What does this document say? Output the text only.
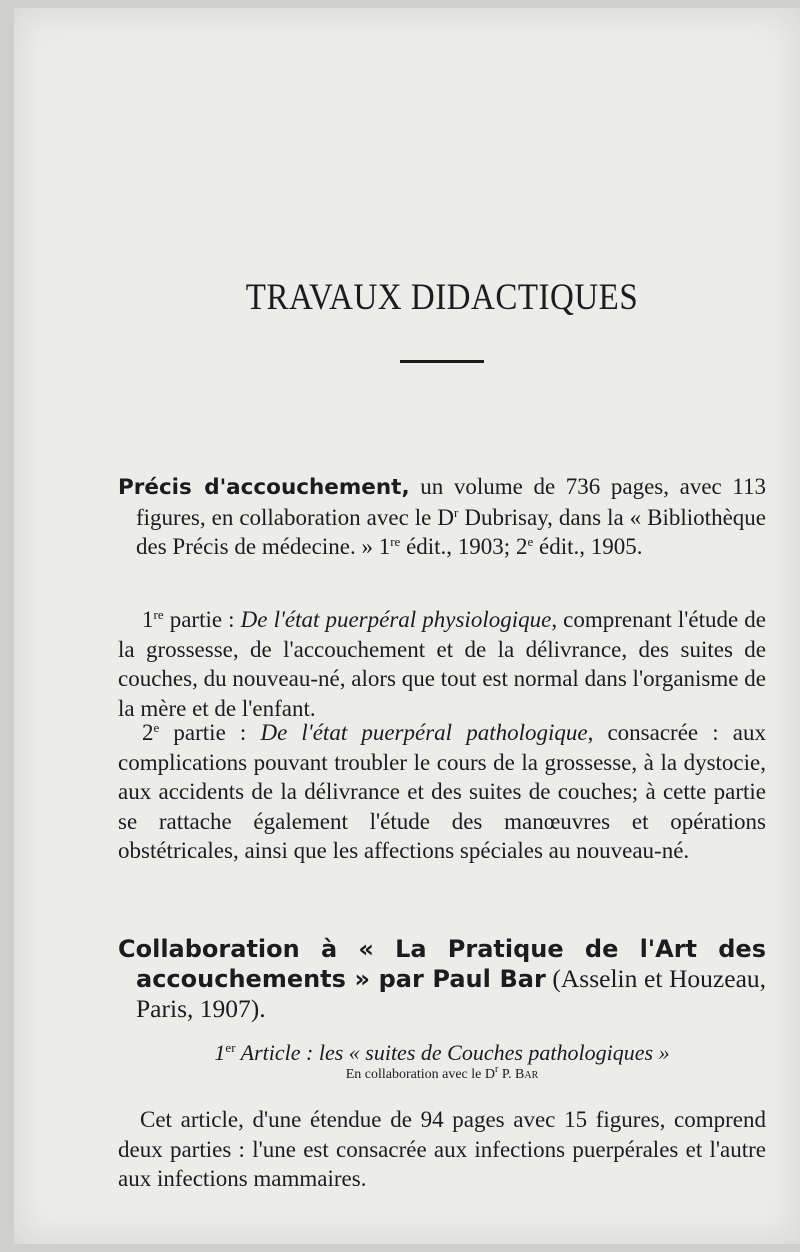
TRAVAUX DIDACTIQUES
Précis d'accouchement, un volume de 736 pages, avec 113 figures, en collaboration avec le $D^r$ Dubrisay, dans la « Bibliothèque des Précis de médecine. » 1re édit., 1903; 2e édit., 1905.
1re partie : De l'état puerpéral physiologique, comprenant l'étude de la grossesse, de l'accouchement et de la délivrance, des suites de couches, du nouveau-né, alors que tout est normal dans l'organisme de la mère et de l'enfant.
2e partie : De l'état puerpéral pathologique, consacrée : aux complications pouvant troubler le cours de la grossesse, à la dystocie, aux accidents de la délivrance et des suites de couches; à cette partie se rattache également l'étude des manœuvres et opérations obstétricales, ainsi que les affections spéciales au nouveau-né.
Collaboration à « La Pratique de l'Art des accouchements » par Paul Bar (Asselin et Houzeau, Paris, 1907).
1er Article : les « suites de Couches pathologiques »
En collaboration avec le $D^r$ P. Bar
Cet article, d'une étendue de 94 pages avec 15 figures, comprend deux parties : l'une est consacrée aux infections puerpérales et l'autre aux infections mammaires.
